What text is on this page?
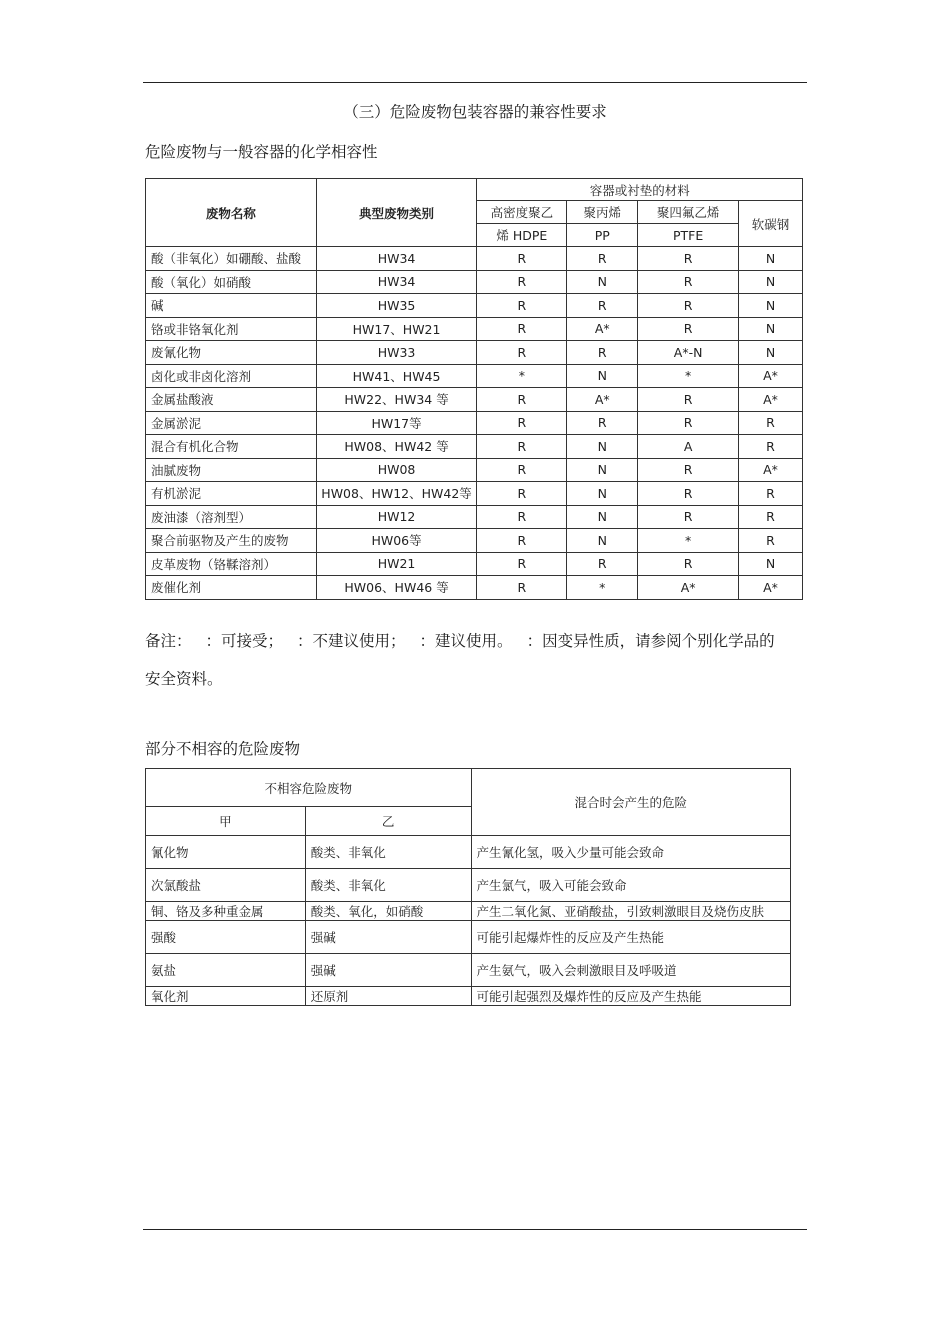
（三）危险废物包装容器的兼容性要求
危险废物与一般容器的化学相容性
废物名称	典型废物类别	容器或衬垫的材料			
		高密度聚乙	聚丙烯	聚四氟乙烯	软碳钢
		烯 HDPE	PP	PTFE	
酸（非氧化）如硼酸、盐酸	HW34	R	R	R	N
酸（氧化）如硝酸	HW34	R	N	R	N
碱	HW35	R	R	R	N
铬或非铬氧化剂	HW17、HW21	R	A*	R	N
废氰化物	HW33	R	R	A*-N	N
卤化或非卤化溶剂	HW41、HW45	*	N	*	A*
金属盐酸液	HW22、HW34 等	R	A*	R	A*
金属淤泥	HW17等	R	R	R	R
混合有机化合物	HW08、HW42 等	R	N	A	R
油腻废物	HW08	R	N	R	A*
有机淤泥	HW08、HW12、HW42等	R	N	R	R
废油漆（溶剂型）	HW12	R	N	R	R
聚合前驱物及产生的废物	HW06等	R	N	*	R
皮革废物（铬鞣溶剂）	HW21	R	R	R	N
废催化剂	HW06、HW46 等	R	*	A*	A*
备注： ：可接受； ：不建议使用； ：建议使用。 ：因变异性质，请参阅个别化学品的
安全资料。
部分不相容的危险废物
不相容危险废物		混合时会产生的危险
甲	乙	
氰化物	酸类、非氧化	产生氰化氢，吸入少量可能会致命
次氯酸盐	酸类、非氧化	产生氯气，吸入可能会致命
铜、铬及多种重金属	酸类、氧化，如硝酸	产生二氧化氮、亚硝酸盐，引致刺激眼目及烧伤皮肤
强酸	强碱	可能引起爆炸性的反应及产生热能
氨盐	强碱	产生氨气，吸入会刺激眼目及呼吸道
氧化剂	还原剂	可能引起强烈及爆炸性的反应及产生热能
